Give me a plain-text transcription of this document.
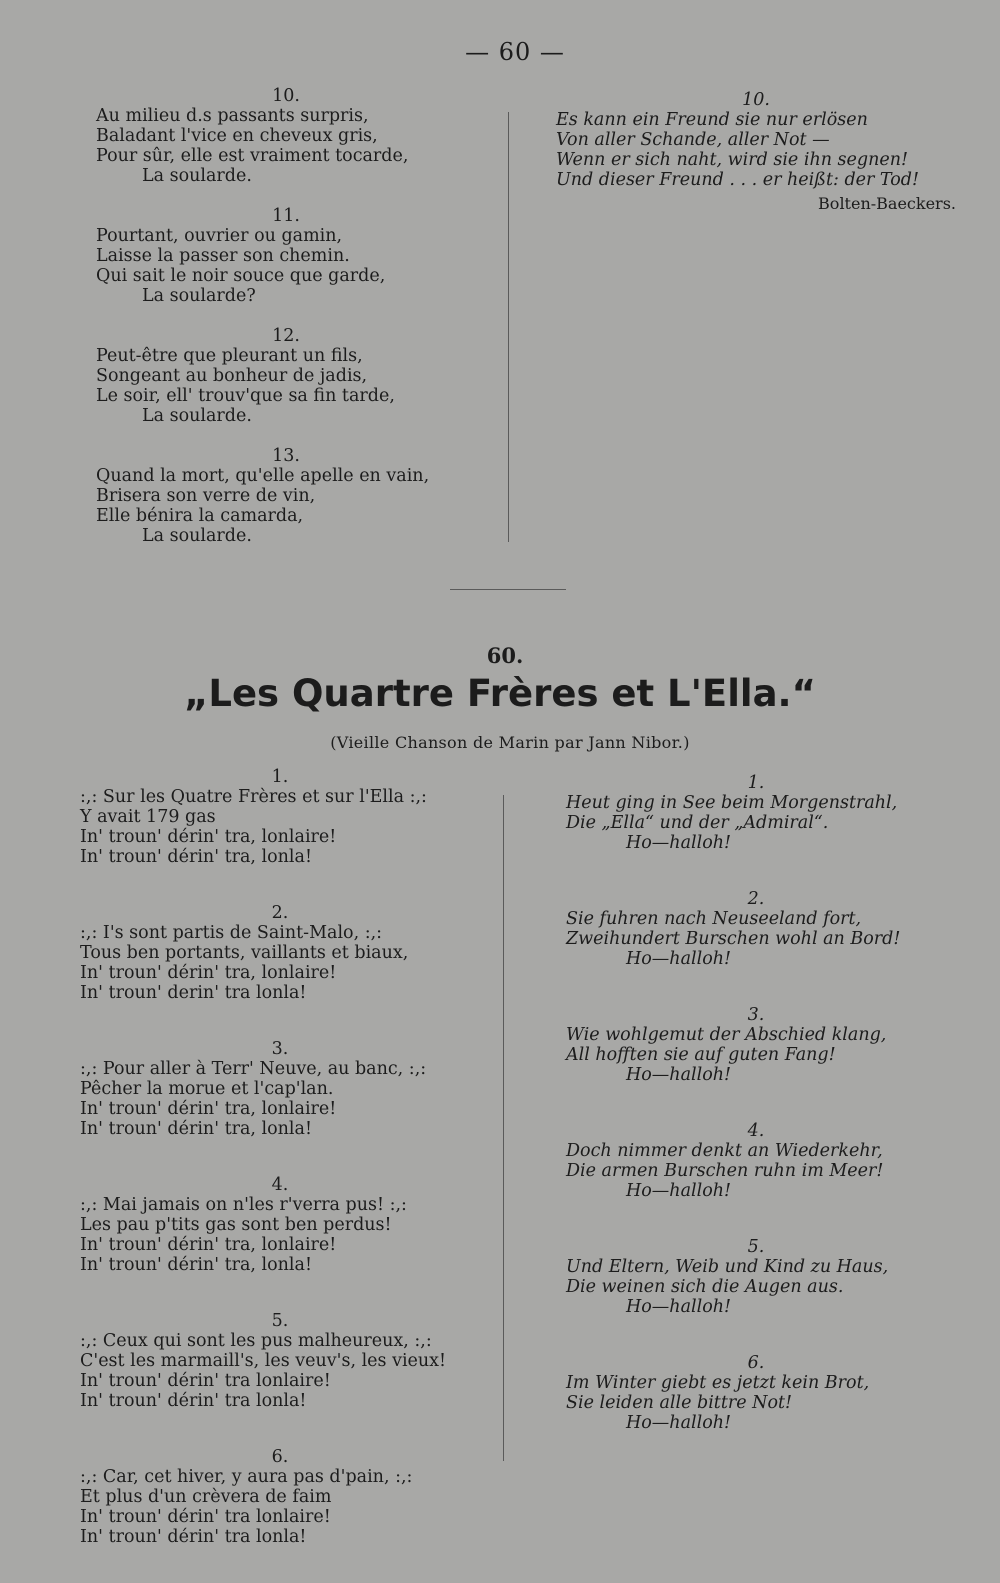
— 60 —
10.
Au milieu d.s passants surpris,
Baladant l'vice en cheveux gris,
Pour sûr, elle est vraiment tocarde,
La soularde.
11.
Pourtant, ouvrier ou gamin,
Laisse la passer son chemin.
Qui sait le noir souce que garde,
La soularde?
12.
Peut-être que pleurant un fils,
Songeant au bonheur de jadis,
Le soir, ell' trouv'que sa fin tarde,
La soularde.
13.
Quand la mort, qu'elle apelle en vain,
Brisera son verre de vin,
Elle bénira la camarda,
La soularde.
10.
Es kann ein Freund sie nur erlösen
Von aller Schande, aller Not —
Wenn er sich naht, wird sie ihn segnen!
Und dieser Freund . . . er heißt: der Tod!
Bolten-Baeckers.
60.
„Les Quartre Frères et L'Ella.“
(Vieille Chanson de Marin par Jann Nibor.)
1.
:,: Sur les Quatre Frères et sur l'Ella :,:
Y avait 179 gas
In' troun' dérin' tra, lonlaire!
In' troun' dérin' tra, lonla!
2.
:,: I's sont partis de Saint-Malo, :,:
Tous ben portants, vaillants et biaux,
In' troun' dérin' tra, lonlaire!
In' troun' derin' tra lonla!
3.
:,: Pour aller à Terr' Neuve, au banc, :,:
Pêcher la morue et l'cap'lan.
In' troun' dérin' tra, lonlaire!
In' troun' dérin' tra, lonla!
4.
:,: Mai jamais on n'les r'verra pus! :,:
Les pau p'tits gas sont ben perdus!
In' troun' dérin' tra, lonlaire!
In' troun' dérin' tra, lonla!
5.
:,: Ceux qui sont les pus malheureux, :,:
C'est les marmaill's, les veuv's, les vieux!
In' troun' dérin' tra lonlaire!
In' troun' dérin' tra lonla!
6.
:,: Car, cet hiver, y aura pas d'pain, :,:
Et plus d'un crèvera de faim
In' troun' dérin' tra lonlaire!
In' troun' dérin' tra lonla!
1.
Heut ging in See beim Morgenstrahl,
Die „Ella“ und der „Admiral“.
Ho—halloh!
2.
Sie fuhren nach Neuseeland fort,
Zweihundert Burschen wohl an Bord!
Ho—halloh!
3.
Wie wohlgemut der Abschied klang,
All hofften sie auf guten Fang!
Ho—halloh!
4.
Doch nimmer denkt an Wiederkehr,
Die armen Burschen ruhn im Meer!
Ho—halloh!
5.
Und Eltern, Weib und Kind zu Haus,
Die weinen sich die Augen aus.
Ho—halloh!
6.
Im Winter giebt es jetzt kein Brot,
Sie leiden alle bittre Not!
Ho—halloh!
